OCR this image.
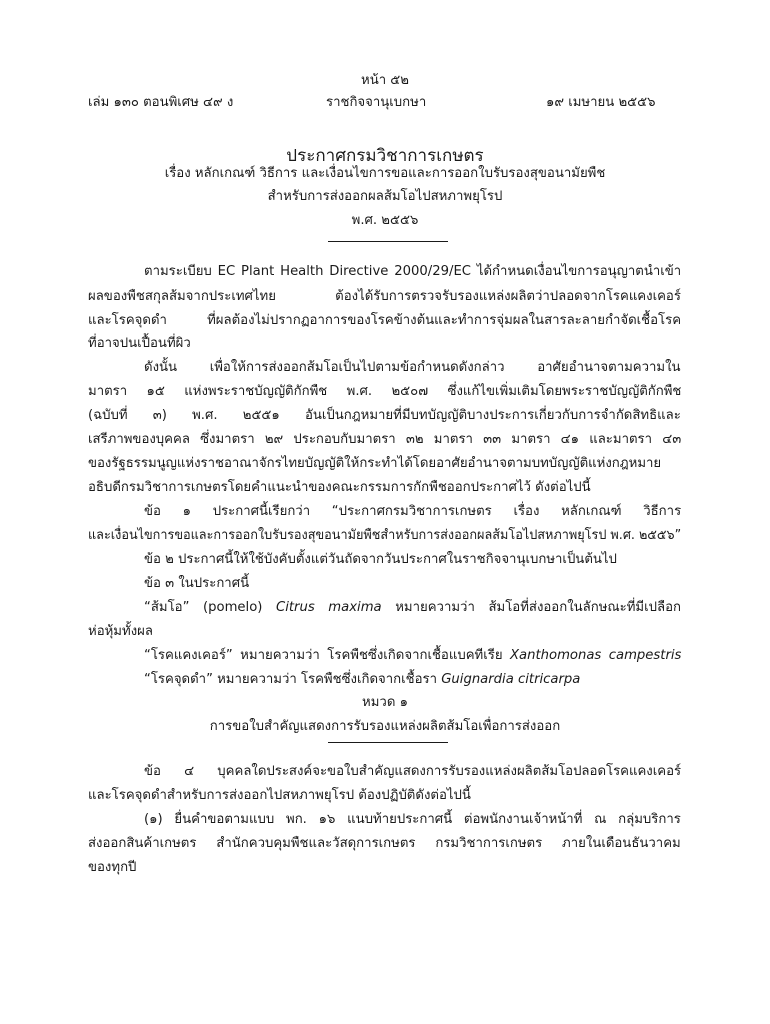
หน้า ๕๒
เล่ม ๑๓๐ ตอนพิเศษ ๔๙ ง	ราชกิจจานุเบกษา	๑๙ เมษายน ๒๕๕๖
ประกาศกรมวิชาการเกษตร
เรื่อง หลักเกณฑ์ วิธีการ และเงื่อนไขการขอและการออกใบรับรองสุขอนามัยพืช
สำหรับการส่งออกผลส้มโอไปสหภาพยุโรป
พ.ศ. ๒๕๕๖
ตามระเบียบ EC Plant Health Directive 2000/29/EC ได้กำหนดเงื่อนไขการอนุญาตนำเข้า
ผลของพืชสกุลส้มจากประเทศไทย ต้องได้รับการตรวจรับรองแหล่งผลิตว่าปลอดจากโรคแคงเคอร์
และโรคจุดดำ ที่ผลต้องไม่ปรากฏอาการของโรคข้างต้นและทำการจุ่มผลในสารละลายกำจัดเชื้อโรค
ที่อาจปนเปื้อนที่ผิว
ดังนั้น เพื่อให้การส่งออกส้มโอเป็นไปตามข้อกำหนดดังกล่าว อาศัยอำนาจตามความใน
มาตรา ๑๕ แห่งพระราชบัญญัติกักพืช พ.ศ. ๒๕๐๗ ซึ่งแก้ไขเพิ่มเติมโดยพระราชบัญญัติกักพืช
(ฉบับที่ ๓) พ.ศ. ๒๕๕๑ อันเป็นกฎหมายที่มีบทบัญญัติบางประการเกี่ยวกับการจำกัดสิทธิและ
เสรีภาพของบุคคล ซึ่งมาตรา ๒๙ ประกอบกับมาตรา ๓๒ มาตรา ๓๓ มาตรา ๔๑ และมาตรา ๔๓
ของรัฐธรรมนูญแห่งราชอาณาจักรไทยบัญญัติให้กระทำได้โดยอาศัยอำนาจตามบทบัญญัติแห่งกฎหมาย
อธิบดีกรมวิชาการเกษตรโดยคำแนะนำของคณะกรรมการกักพืชออกประกาศไว้ ดังต่อไปนี้
ข้อ ๑ ประกาศนี้เรียกว่า “ประกาศกรมวิชาการเกษตร เรื่อง หลักเกณฑ์ วิธีการ
และเงื่อนไขการขอและการออกใบรับรองสุขอนามัยพืชสำหรับการส่งออกผลส้มโอไปสหภาพยุโรป พ.ศ. ๒๕๕๖”
ข้อ ๒ ประกาศนี้ให้ใช้บังคับตั้งแต่วันถัดจากวันประกาศในราชกิจจานุเบกษาเป็นต้นไป
ข้อ ๓ ในประกาศนี้
“ส้มโอ” (pomelo) Citrus maxima หมายความว่า ส้มโอที่ส่งออกในลักษณะที่มีเปลือก
ห่อหุ้มทั้งผล
“โรคแคงเคอร์” หมายความว่า โรคพืชซึ่งเกิดจากเชื้อแบคทีเรีย Xanthomonas campestris
“โรคจุดดำ” หมายความว่า โรคพืชซึ่งเกิดจากเชื้อรา Guignardia citricarpa
หมวด ๑
การขอใบสำคัญแสดงการรับรองแหล่งผลิตส้มโอเพื่อการส่งออก
ข้อ ๔ บุคคลใดประสงค์จะขอใบสำคัญแสดงการรับรองแหล่งผลิตส้มโอปลอดโรคแคงเคอร์
และโรคจุดดำสำหรับการส่งออกไปสหภาพยุโรป ต้องปฏิบัติดังต่อไปนี้
(๑) ยื่นคำขอตามแบบ พก. ๑๖ แนบท้ายประกาศนี้ ต่อพนักงานเจ้าหน้าที่ ณ กลุ่มบริการ
ส่งออกสินค้าเกษตร สำนักควบคุมพืชและวัสดุการเกษตร กรมวิชาการเกษตร ภายในเดือนธันวาคม
ของทุกปี
